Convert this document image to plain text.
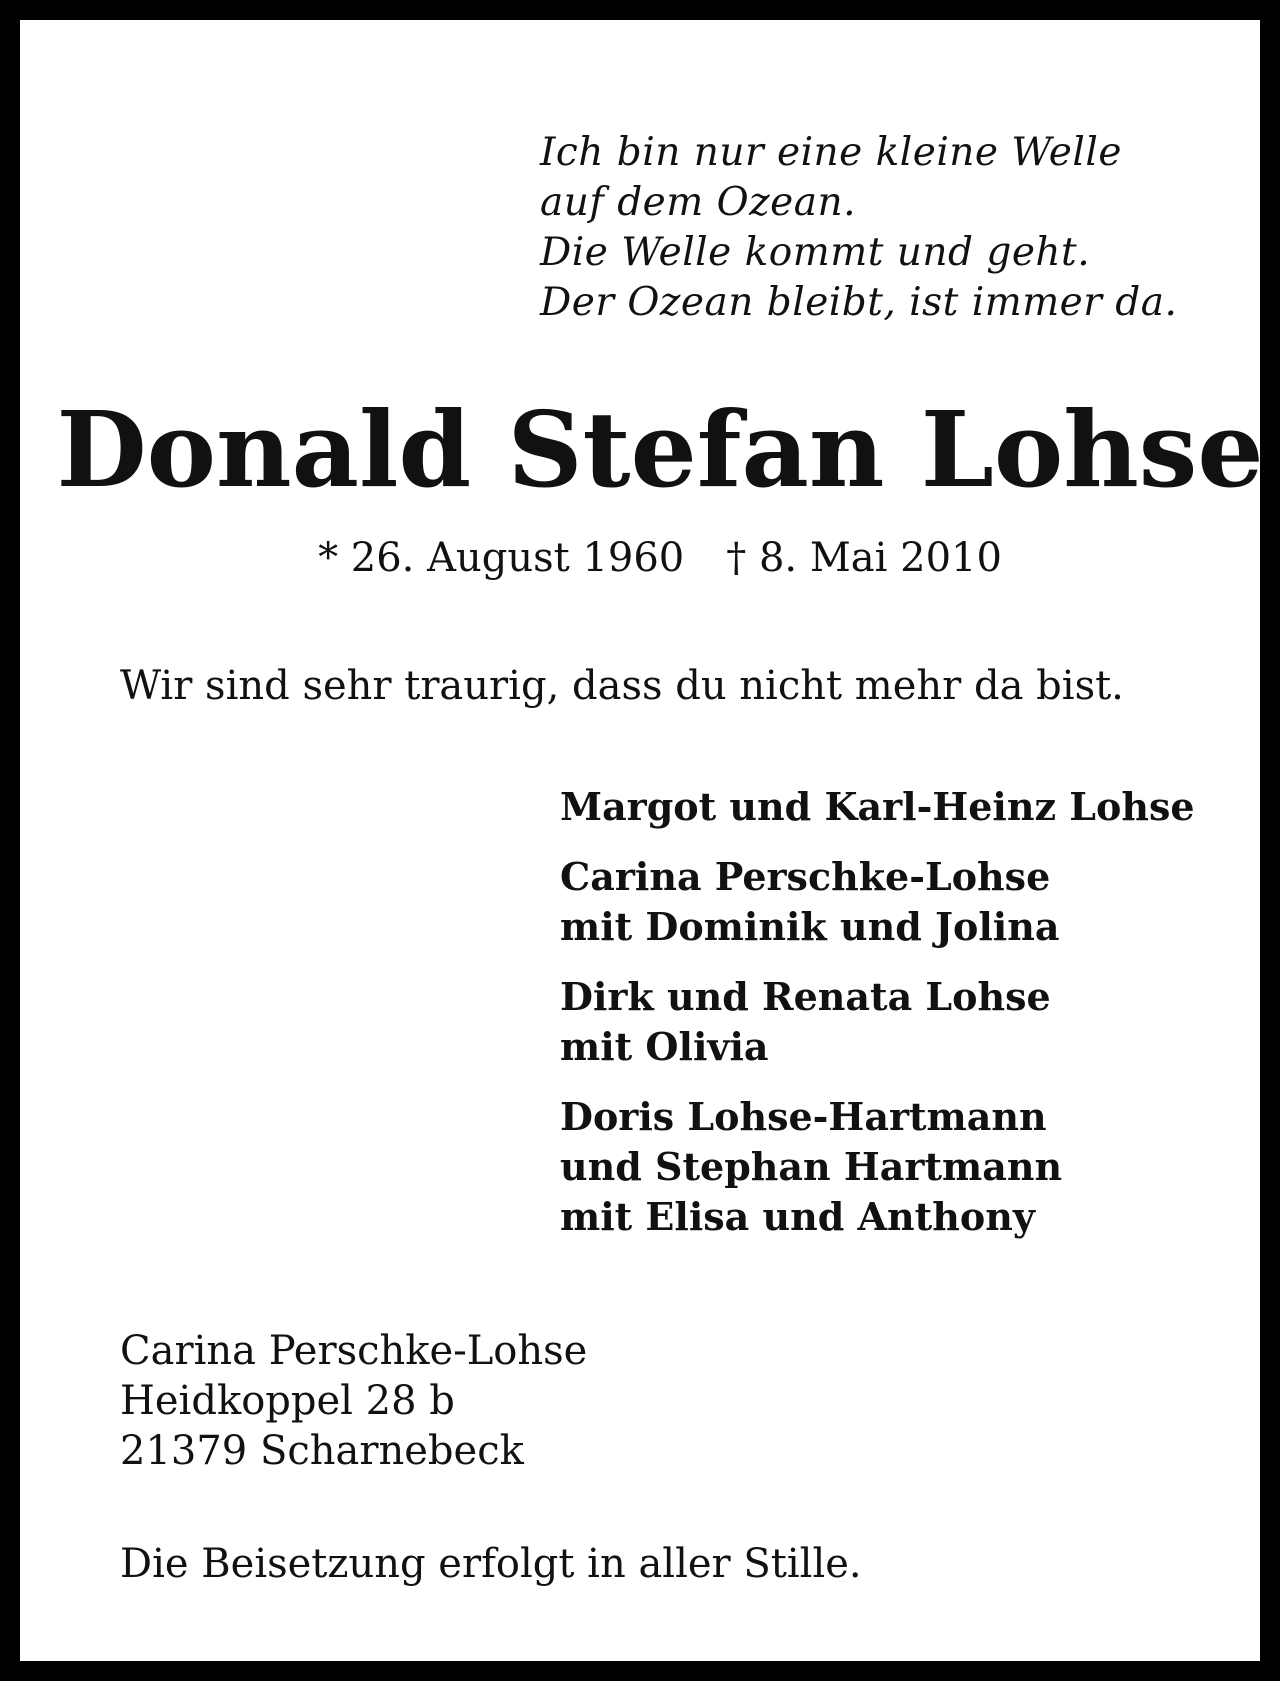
Ich bin nur eine kleine Welle
auf dem Ozean.
Die Welle kommt und geht.
Der Ozean bleibt, ist immer da.
Donald Stefan Lohse
* 26. August 1960 † 8. Mai 2010
Wir sind sehr traurig, dass du nicht mehr da bist.
Margot und Karl-Heinz Lohse
Carina Perschke-Lohse
mit Dominik und Jolina
Dirk und Renata Lohse
mit Olivia
Doris Lohse-Hartmann
und Stephan Hartmann
mit Elisa und Anthony
Carina Perschke-Lohse
Heidkoppel 28 b
21379 Scharnebeck
Die Beisetzung erfolgt in aller Stille.
